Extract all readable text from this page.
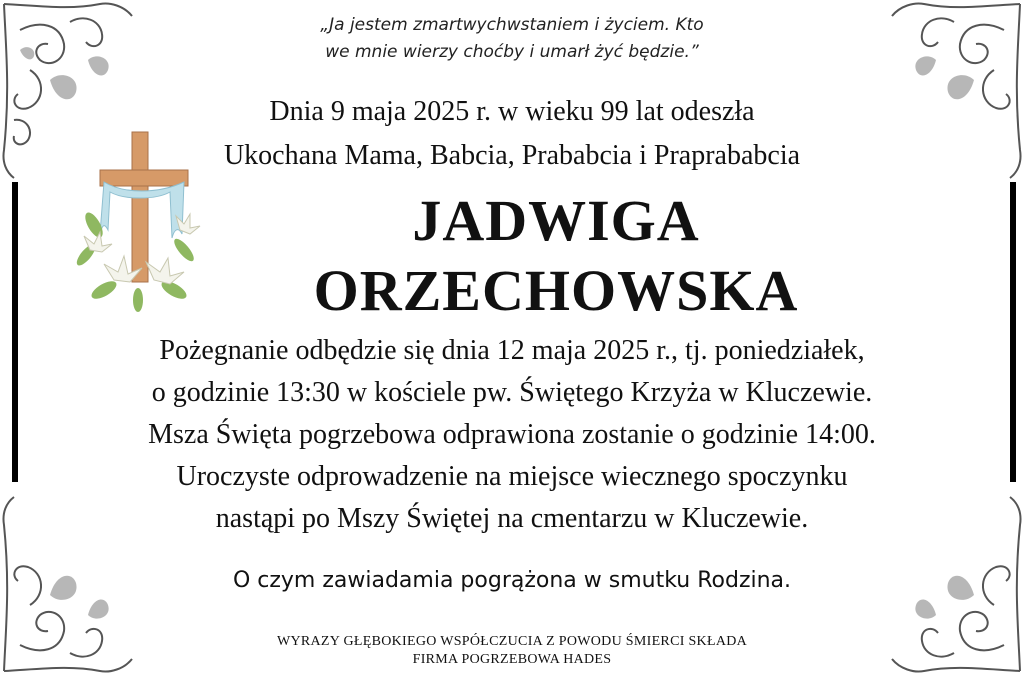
„Ja jestem zmartwychwstaniem i życiem. Kto
we mnie wierzy choćby i umarł żyć będzie.”
Dnia 9 maja 2025 r. w wieku 99 lat odeszła
Ukochana Mama, Babcia, Prababcia i Praprababcia
JADWIGA
ORZECHOWSKA
Pożegnanie odbędzie się dnia 12 maja 2025 r., tj. poniedziałek,
o godzinie 13:30 w kościele pw. Świętego Krzyża w Kluczewie.
Msza Święta pogrzebowa odprawiona zostanie o godzinie 14:00.
Uroczyste odprowadzenie na miejsce wiecznego spoczynku
nastąpi po Mszy Świętej na cmentarzu w Kluczewie.
O czym zawiadamia pogrążona w smutku Rodzina.
WYRAZY GŁĘBOKIEGO WSPÓŁCZUCIA Z POWODU ŚMIERCI SKŁADA
FIRMA POGRZEBOWA HADES
